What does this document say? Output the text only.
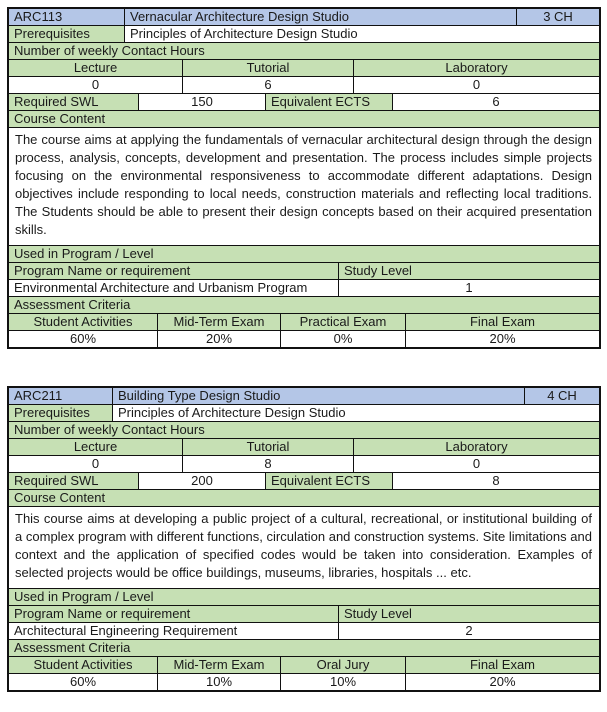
ARC113	Vernacular Architecture Design Studio	3 CH
Prerequisites	Principles of Architecture Design Studio
Number of weekly Contact Hours
Lecture	Tutorial	Laboratory
0	6	0
Required SWL	150	Equivalent ECTS	6
Course Content
The course aims at applying the fundamentals of vernacular architectural design through the design process, analysis, concepts, development and presentation. The process includes simple projects focusing on the environmental responsiveness to accommodate different adaptations. Design objectives include responding to local needs, construction materials and reflecting local traditions. The Students should be able to present their design concepts based on their acquired presentation skills.
Used in Program / Level
Program Name or requirement	Study Level
Environmental Architecture and Urbanism Program	1
Assessment Criteria
Student Activities	Mid-Term Exam	Practical Exam	Final Exam
60%	20%	0%	20%
ARC211	Building Type Design Studio	4 CH
Prerequisites	Principles of Architecture Design Studio
Number of weekly Contact Hours
Lecture	Tutorial	Laboratory
0	8	0
Required SWL	200	Equivalent ECTS	8
Course Content
This course aims at developing a public project of a cultural, recreational, or institutional building of a complex program with different functions, circulation and construction systems. Site limitations and context and the application of specified codes would be taken into consideration. Examples of selected projects would be office buildings, museums, libraries, hospitals ... etc.
Used in Program / Level
Program Name or requirement	Study Level
Architectural Engineering Requirement	2
Assessment Criteria
Student Activities	Mid-Term Exam	Oral Jury	Final Exam
60%	10%	10%	20%
